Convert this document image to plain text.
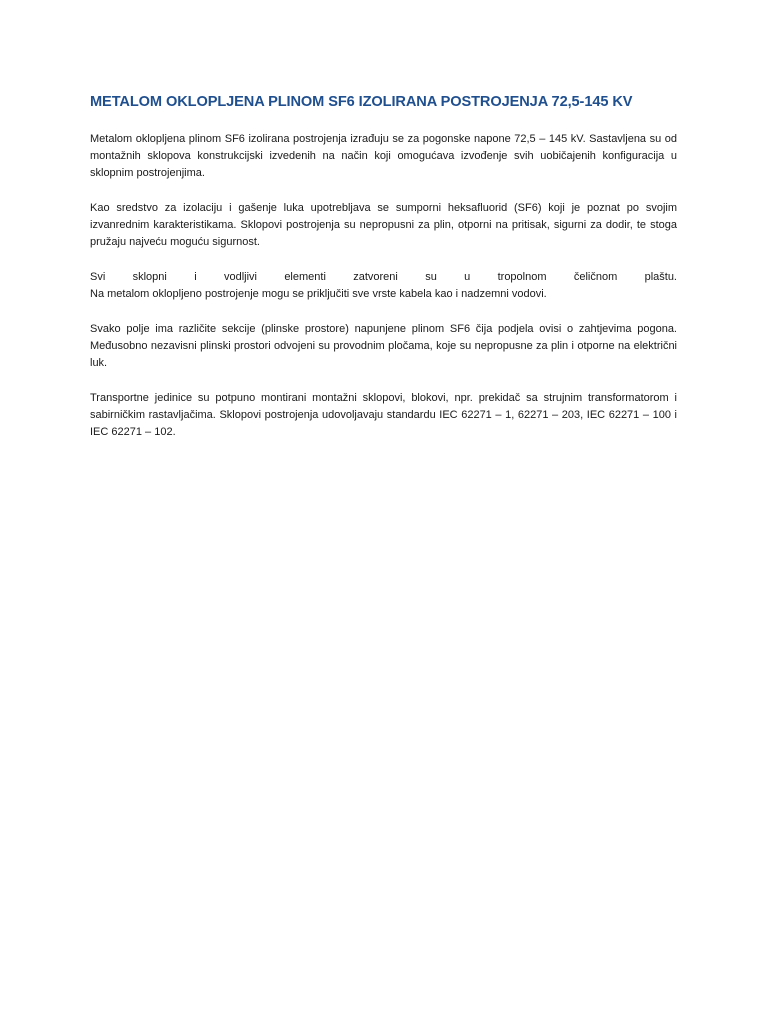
METALOM OKLOPLJENA PLINOM SF6 IZOLIRANA POSTROJENJA 72,5-145 KV

Metalom oklopljena plinom SF6 izolirana postrojenja izrađuju se za pogonske napone 72,5 – 145 kV. Sastavljena su od montažnih sklopova konstrukcijski izvedenih na način koji omogućava izvođenje svih uobičajenih konfiguracija u sklopnim postrojenjima.

Kao sredstvo za izolaciju i gašenje luka upotrebljava se sumporni heksafluorid (SF6) koji je poznat po svojim izvanrednim karakteristikama. Sklopovi postrojenja su nepropusni za plin, otporni na pritisak, sigurni za dodir, te stoga pružaju najveću moguću sigurnost.

Svi sklopni i vodljivi elementi zatvoreni su u tropolnom čeličnom plaštu.
Na metalom oklopljeno postrojenje mogu se priključiti sve vrste kabela kao i nadzemni vodovi.

Svako polje ima različite sekcije (plinske prostore) napunjene plinom SF6 čija podjela ovisi o zahtjevima pogona. Međusobno nezavisni plinski prostori odvojeni su provodnim pločama, koje su nepropusne za plin i otporne na električni luk.

Transportne jedinice su potpuno montirani montažni sklopovi, blokovi, npr. prekidač sa strujnim transformatorom i sabirničkim rastavljačima. Sklopovi postrojenja udovoljavaju standardu IEC 62271 – 1, 62271 – 203, IEC 62271 – 100 i IEC 62271 – 102.
